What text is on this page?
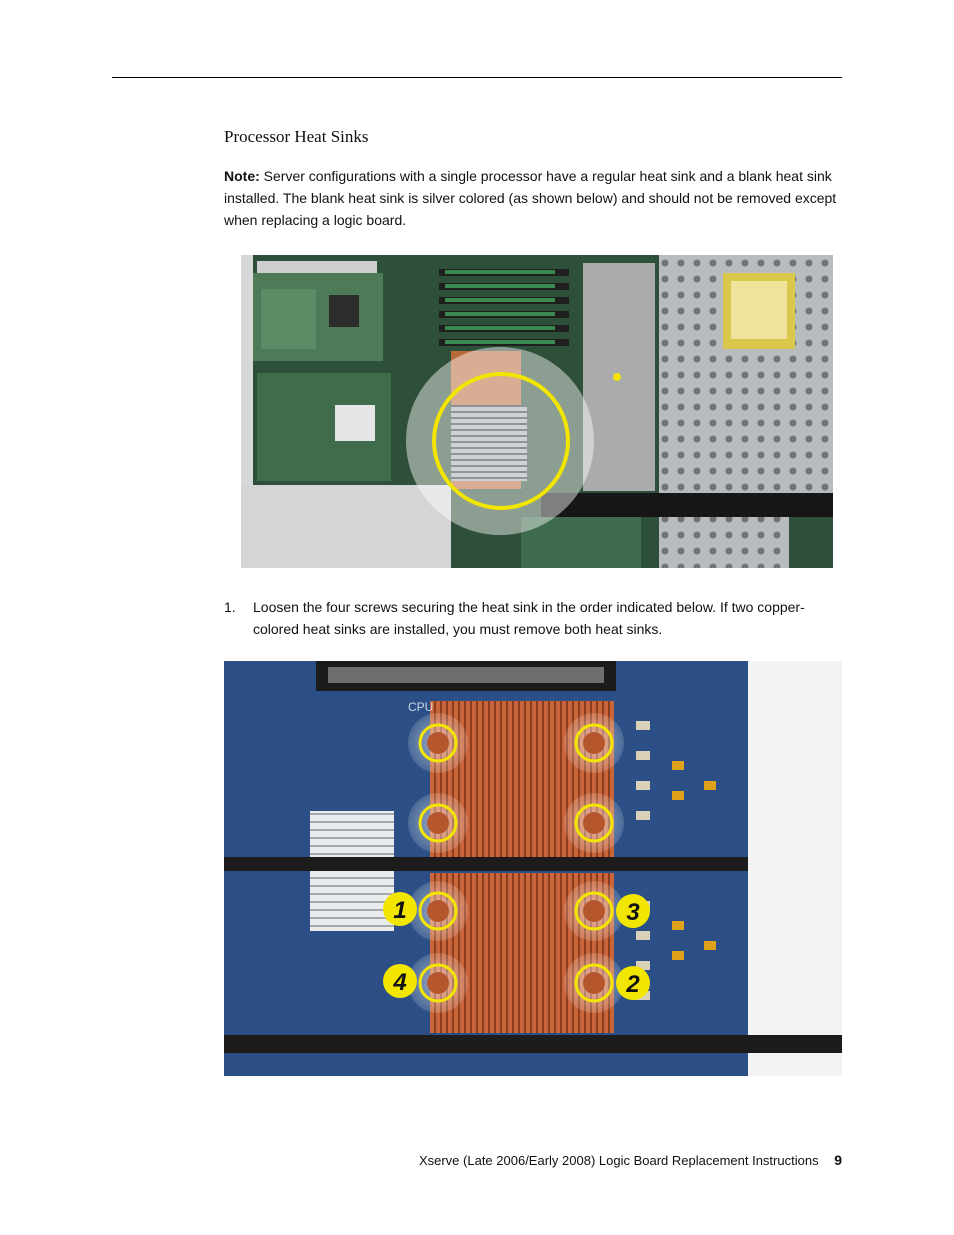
Processor Heat Sinks
Note: Server configurations with a single processor have a regular heat sink and a blank heat sink installed. The blank heat sink is silver colored (as shown below) and should not be removed except when replacing a logic board.
1. Loosen the four screws securing the heat sink in the order indicated below. If two copper-colored heat sinks are installed, you must remove both heat sinks.
CPU
1
2
3
4
Xserve (Late 2006/Early 2008) Logic Board Replacement Instructions 9
